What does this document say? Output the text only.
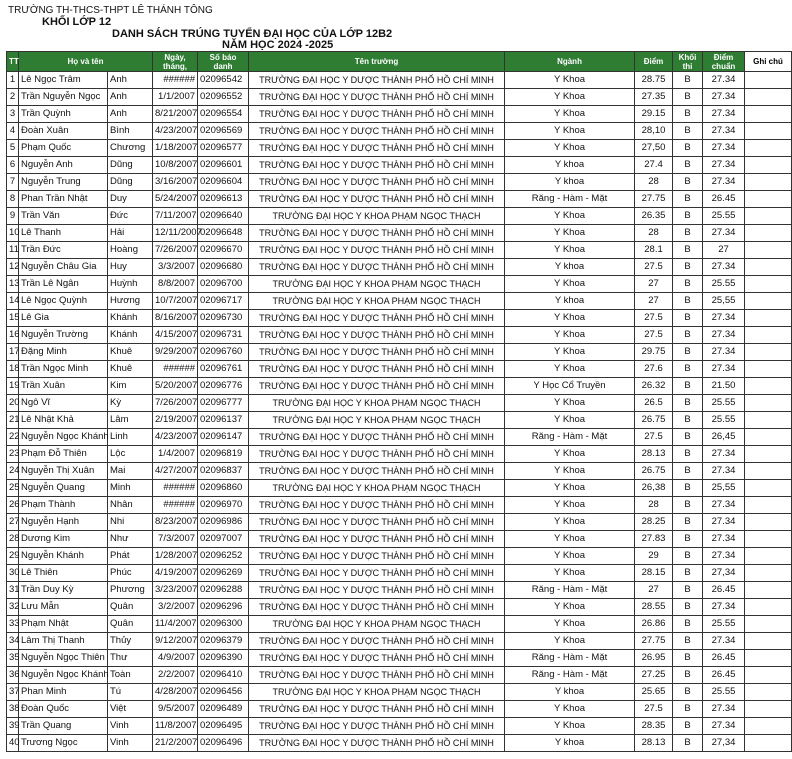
TRƯỜNG TH-THCS-THPT LÊ THÁNH TÔNG
KHỐI LỚP 12
DANH SÁCH TRÚNG TUYỂN ĐẠI HỌC CỦA LỚP 12B2
NĂM HỌC 2024 -2025
TT	Họ và tên		Ngày, tháng,	Số báo danh	Tên trường	Ngành	Điểm	Khối thi	Điểm chuẩn	Ghi chú
1	Lê Ngọc Trâm	Anh	######	02096542	TRƯỜNG ĐẠI HỌC Y DƯỢC THÀNH PHỐ HỒ CHÍ MINH	Y Khoa	28.75	B	27.34	
2	Trần Nguyễn Ngọc	Anh	1/1/2007	02096552	TRƯỜNG ĐẠI HỌC Y DƯỢC THÀNH PHỐ HỒ CHÍ MINH	Y Khoa	27.35	B	27.34	
3	Trần Quỳnh	Anh	8/21/2007	02096554	TRƯỜNG ĐẠI HỌC Y DƯỢC THÀNH PHỐ HỒ CHÍ MINH	Y Khoa	29.15	B	27.34	
4	Đoàn Xuân	Bình	4/23/2007	02096569	TRƯỜNG ĐẠI HỌC Y DƯỢC THÀNH PHỐ HỒ CHÍ MINH	Y Khoa	28,10	B	27.34	
5	Phạm Quốc	Chương	1/18/2007	02096577	TRƯỜNG ĐẠI HỌC Y DƯỢC THÀNH PHỐ HỒ CHÍ MINH	Y Khoa	27,50	B	27.34	
6	Nguyễn Anh	Dũng	10/8/2007	02096601	TRƯỜNG ĐẠI HỌC Y DƯỢC THÀNH PHỐ HỒ CHÍ MINH	Y khoa	27.4	B	27.34	
7	Nguyễn Trung	Dũng	3/16/2007	02096604	TRƯỜNG ĐẠI HỌC Y DƯỢC THÀNH PHỐ HỒ CHÍ MINH	Y khoa	28	B	27.34	
8	Phan Trần Nhật	Duy	5/24/2007	02096613	TRƯỜNG ĐẠI HỌC Y DƯỢC THÀNH PHỐ HỒ CHÍ MINH	Răng - Hàm - Mặt	27.75	B	26.45	
9	Trần Văn	Đức	7/11/2007	02096640	TRƯỜNG ĐẠI HỌC Y KHOA PHẠM NGỌC THẠCH	Y Khoa	26.35	B	25.55	
10	Lê Thanh	Hải	12/11/2007	02096648	TRƯỜNG ĐẠI HỌC Y DƯỢC THÀNH PHỐ HỒ CHÍ MINH	Y Khoa	28	B	27.34	
11	Trần Đức	Hoàng	7/26/2007	02096670	TRƯỜNG ĐẠI HỌC Y DƯỢC THÀNH PHỐ HỒ CHÍ MINH	Y Khoa	28.1	B	27	
12	Nguyễn Châu Gia	Huy	3/3/2007	02096680	TRƯỜNG ĐẠI HỌC Y DƯỢC THÀNH PHỐ HỒ CHÍ MINH	Y khoa	27.5	B	27.34	
13	Trần Lê Ngân	Huỳnh	8/8/2007	02096700	TRƯỜNG ĐẠI HỌC Y KHOA PHẠM NGỌC THẠCH	Y Khoa	27	B	25.55	
14	Lê Ngọc Quỳnh	Hương	10/7/2007	02096717	TRƯỜNG ĐẠI HỌC Y KHOA PHẠM NGỌC THẠCH	Y khoa	27	B	25,55	
15	Lê Gia	Khánh	8/16/2007	02096730	TRƯỜNG ĐẠI HỌC Y DƯỢC THÀNH PHỐ HỒ CHÍ MINH	Y Khoa	27.5	B	27.34	
16	Nguyễn Trường	Khánh	4/15/2007	02096731	TRƯỜNG ĐẠI HỌC Y DƯỢC THÀNH PHỐ HỒ CHÍ MINH	Y Khoa	27.5	B	27.34	
17	Đặng Minh	Khuê	9/29/2007	02096760	TRƯỜNG ĐẠI HỌC Y DƯỢC THÀNH PHỐ HỒ CHÍ MINH	Y Khoa	29.75	B	27.34	
18	Trần Ngọc Minh	Khuê	######	02096761	TRƯỜNG ĐẠI HỌC Y DƯỢC THÀNH PHỐ HỒ CHÍ MINH	Y Khoa	27.6	B	27.34	
19	Trần Xuân	Kim	5/20/2007	02096776	TRƯỜNG ĐẠI HỌC Y DƯỢC THÀNH PHỐ HỒ CHÍ MINH	Y Học Cổ Truyền	26.32	B	21.50	
20	Ngô Vĩ	Kỳ	7/26/2007	02096777	TRƯỜNG ĐẠI HỌC Y KHOA PHẠM NGỌC THẠCH	Y Khoa	26.5	B	25.55	
21	Lê Nhật Khả	Lâm	2/19/2007	02096137	TRƯỜNG ĐẠI HỌC Y KHOA PHẠM NGỌC THẠCH	Y Khoa	26.75	B	25.55	
22	Nguyễn Ngọc Khánh	Linh	4/23/2007	02096147	TRƯỜNG ĐẠI HỌC Y DƯỢC THÀNH PHỐ HỒ CHÍ MINH	Răng - Hàm - Mặt	27.5	B	26,45	
23	Phạm Đỗ Thiên	Lộc	1/4/2007	02096819	TRƯỜNG ĐẠI HỌC Y DƯỢC THÀNH PHỐ HỒ CHÍ MINH	Y Khoa	28.13	B	27.34	
24	Nguyễn Thị Xuân	Mai	4/27/2007	02096837	TRƯỜNG ĐẠI HỌC Y DƯỢC THÀNH PHỐ HỒ CHÍ MINH	Y Khoa	26.75	B	27.34	
25	Nguyễn Quang	Minh	######	02096860	TRƯỜNG ĐẠI HỌC Y KHOA PHẠM NGỌC THẠCH	Y Khoa	26,38	B	25,55	
26	Phạm Thành	Nhân	######	02096970	TRƯỜNG ĐẠI HỌC Y DƯỢC THÀNH PHỐ HỒ CHÍ MINH	Y Khoa	28	B	27.34	
27	Nguyễn Hạnh	Nhi	8/23/2007	02096986	TRƯỜNG ĐẠI HỌC Y DƯỢC THÀNH PHỐ HỒ CHÍ MINH	Y Khoa	28.25	B	27.34	
28	Dương Kim	Như	7/3/2007	02097007	TRƯỜNG ĐẠI HỌC Y DƯỢC THÀNH PHỐ HỒ CHÍ MINH	Y Khoa	27.83	B	27.34	
29	Nguyễn Khánh	Phát	1/28/2007	02096252	TRƯỜNG ĐẠI HỌC Y DƯỢC THÀNH PHỐ HỒ CHÍ MINH	Y Khoa	29	B	27.34	
30	Lê Thiên	Phúc	4/19/2007	02096269	TRƯỜNG ĐẠI HỌC Y DƯỢC THÀNH PHỐ HỒ CHÍ MINH	Y Khoa	28.15	B	27,34	
31	Trần Duy Kỳ	Phương	3/23/2007	02096288	TRƯỜNG ĐẠI HỌC Y DƯỢC THÀNH PHỐ HỒ CHÍ MINH	Răng - Hàm - Mặt	27	B	26.45	
32	Lưu Mẫn	Quân	3/2/2007	02096296	TRƯỜNG ĐẠI HỌC Y DƯỢC THÀNH PHỐ HỒ CHÍ MINH	Y Khoa	28.55	B	27.34	
33	Phạm Nhật	Quân	11/4/2007	02096300	TRƯỜNG ĐẠI HỌC Y KHOA PHẠM NGỌC THẠCH	Y Khoa	26.86	B	25.55	
34	Lâm Thị Thanh	Thủy	9/12/2007	02096379	TRƯỜNG ĐẠI HỌC Y DƯỢC THÀNH PHỐ HỒ CHÍ MINH	Y Khoa	27.75	B	27.34	
35	Nguyễn Ngọc Thiên	Thư	4/9/2007	02096390	TRƯỜNG ĐẠI HỌC Y DƯỢC THÀNH PHỐ HỒ CHÍ MINH	Răng - Hàm - Mặt	26.95	B	26.45	
36	Nguyễn Ngọc Khánh	Toàn	2/2/2007	02096410	TRƯỜNG ĐẠI HỌC Y DƯỢC THÀNH PHỐ HỒ CHÍ MINH	Răng - Hàm - Mặt	27.25	B	26.45	
37	Phan Minh	Tú	4/28/2007	02096456	TRƯỜNG ĐẠI HỌC Y KHOA PHẠM NGỌC THẠCH	Y khoa	25.65	B	25.55	
38	Đoàn Quốc	Việt	9/5/2007	02096489	TRƯỜNG ĐẠI HỌC Y DƯỢC THÀNH PHỐ HỒ CHÍ MINH	Y Khoa	27.5	B	27.34	
39	Trần Quang	Vinh	11/8/2007	02096495	TRƯỜNG ĐẠI HỌC Y DƯỢC THÀNH PHỐ HỒ CHÍ MINH	Y Khoa	28.35	B	27.34	
40	Trương Ngọc	Vinh	21/2/2007	02096496	TRƯỜNG ĐẠI HỌC Y DƯỢC THÀNH PHỐ HỒ CHÍ MINH	Y khoa	28.13	B	27,34	
